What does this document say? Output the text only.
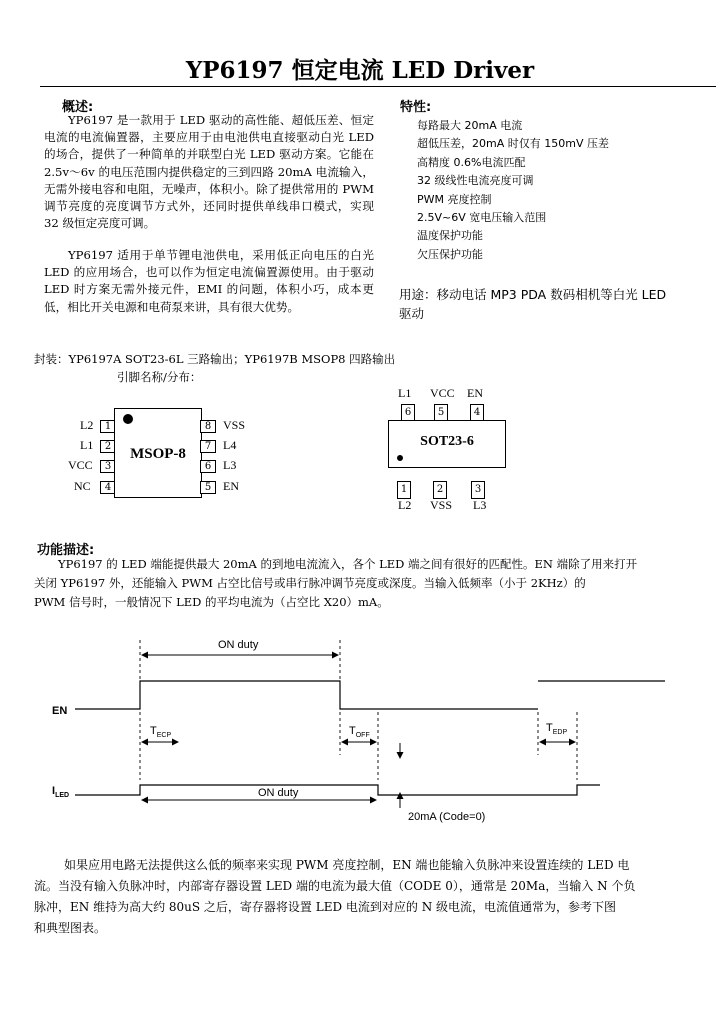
YP6197 恒定电流 LED Driver
概述:
YP6197 是一款用于 LED 驱动的高性能、超低压差、恒定电流的电流偏置器，主要应用于由电池供电直接驱动白光 LED 的场合，提供了一种简单的并联型白光 LED 驱动方案。它能在 2.5v～6v 的电压范围内提供稳定的三到四路 20mA 电流输入，无需外接电容和电阻，无噪声，体积小。除了提供常用的 PWM 调节亮度的亮度调节方式外，还同时提供单线串口模式，实现 32 级恒定亮度可调。
YP6197 适用于单节锂电池供电，采用低正向电压的白光 LED 的应用场合，也可以作为恒定电流偏置源使用。由于驱动 LED 时方案无需外接元件，EMI 的问题，体积小巧，成本更低，相比开关电源和电荷泵来讲，具有很大优势。
特性:
每路最大 20mA 电流
超低压差，20mA 时仅有 150mV 压差
高精度 0.6%电流匹配
32 级线性电流亮度可调
PWM 亮度控制
2.5V~6V 宽电压输入范围
温度保护功能
欠压保护功能
用途：移动电话 MP3 PDA 数码相机等白光 LED 驱动
封装：YP6197A SOT23-6L 三路输出；YP6197B MSOP8 四路输出
引脚名称/分布：
L2
L1
VCC
NC
1
2
3
4
MSOP-8
8
7
6
5
VSS
L4
L3
EN
L1 VCC EN
6	5	4
SOT23-6
1	2	3
L2 VSS L3
功能描述:
YP6197 的 LED 端能提供最大 20mA 的到地电流流入，各个 LED 端之间有很好的匹配性。EN 端除了用来打开
关闭 YP6197 外，还能输入 PWM 占空比信号或串行脉冲调节亮度或深度。当输入低频率（小于 2KHz）的
PWM 信号时，一般情况下 LED 的平均电流为（占空比 X20）mA。
ON duty
ON duty
EN
$I_{LED}$
$T_{ECP}$	$T_{OFF}$
$T_{EDP}$
20mA (Code=0)
如果应用电路无法提供这么低的频率来实现 PWM 亮度控制，EN 端也能输入负脉冲来设置连续的 LED 电
流。当没有输入负脉冲时，内部寄存器设置 LED 端的电流为最大值（CODE 0），通常是 20Ma，当输入 N 个负
脉冲，EN 维持为高大约 80uS 之后，寄存器将设置 LED 电流到对应的 N 级电流，电流值通常为，参考下图
和典型图表。
